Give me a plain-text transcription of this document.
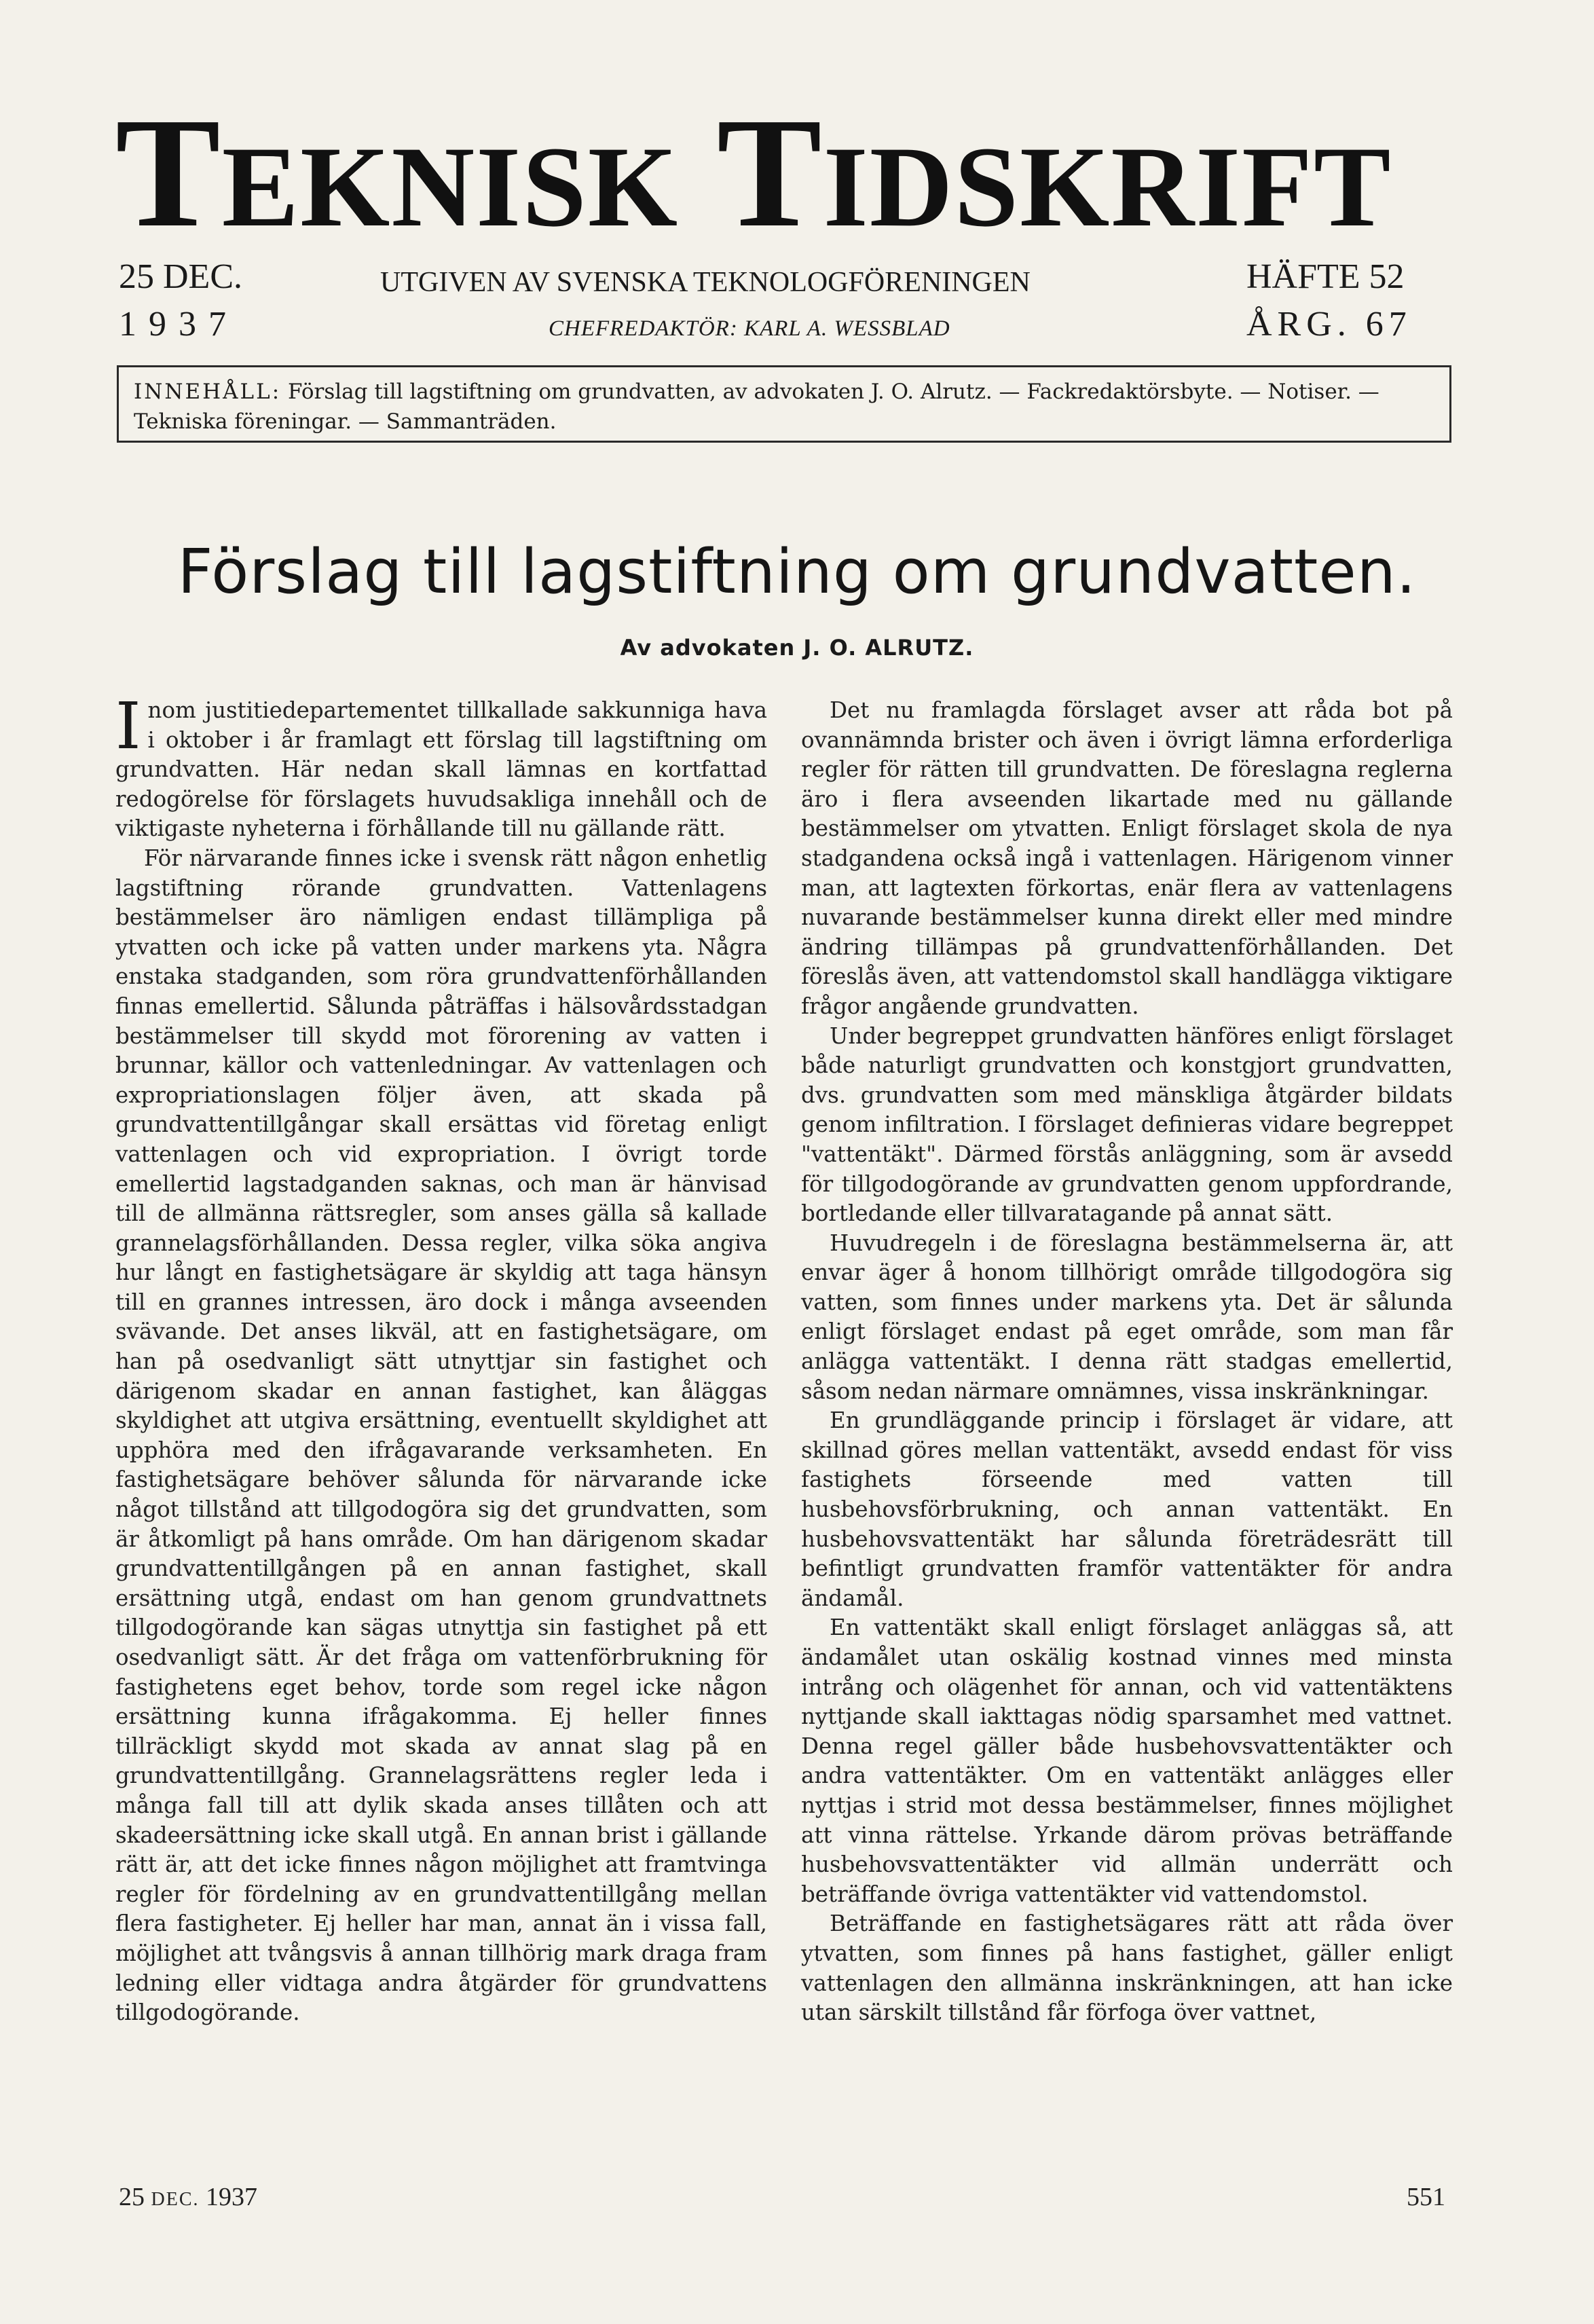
TEKNISK TIDSKRIFT
25 DEC.
1937
UTGIVEN AV SVENSKA TEKNOLOGFÖRENINGEN
CHEFREDAKTÖR: KARL A. WESSBLAD
HÄFTE 52
ÅRG. 67
INNEHÅLL: Förslag till lagstiftning om grundvatten, av advokaten J. O. Alrutz. — Fackredaktörsbyte. — Notiser. — Tekniska föreningar. — Sammanträden.
Förslag till lagstiftning om grundvatten.
Av advokaten J. O. ALRUTZ.

Inom justitiedepartementet tillkallade sakkunniga hava i oktober i år framlagt ett förslag till lagstiftning om grundvatten. Här nedan skall lämnas en kortfattad redogörelse för förslagets huvudsakliga innehåll och de viktigaste nyheterna i förhållande till nu gällande rätt.

För närvarande finnes icke i svensk rätt någon enhetlig lagstiftning rörande grundvatten. Vattenlagens bestämmelser äro nämligen endast tillämpliga på ytvatten och icke på vatten under markens yta. Några enstaka stadganden, som röra grundvattenförhållanden finnas emellertid. Sålunda påträffas i hälsovårdsstadgan bestämmelser till skydd mot förorening av vatten i brunnar, källor och vattenledningar. Av vattenlagen och expropriationslagen följer även, att skada på grundvattentillgångar skall ersättas vid företag enligt vattenlagen och vid expropriation. I övrigt torde emellertid lagstadganden saknas, och man är hänvisad till de allmänna rättsregler, som anses gälla så kallade grannelagsförhållanden. Dessa regler, vilka söka angiva hur långt en fastighetsägare är skyldig att taga hänsyn till en grannes intressen, äro dock i många avseenden svävande. Det anses likväl, att en fastighetsägare, om han på osedvanligt sätt utnyttjar sin fastighet och därigenom skadar en annan fastighet, kan åläggas skyldighet att utgiva ersättning, eventuellt skyldighet att upphöra med den ifrågavarande verksamheten. En fastighetsägare behöver sålunda för närvarande icke något tillstånd att tillgodogöra sig det grundvatten, som är åtkomligt på hans område. Om han därigenom skadar grundvattentillgången på en annan fastighet, skall ersättning utgå, endast om han genom grundvattnets tillgodogörande kan sägas utnyttja sin fastighet på ett osedvanligt sätt. Är det fråga om vattenförbrukning för fastighetens eget behov, torde som regel icke någon ersättning kunna ifrågakomma. Ej heller finnes tillräckligt skydd mot skada av annat slag på en grundvattentillgång. Grannelagsrättens regler leda i många fall till att dylik skada anses tillåten och att skadeersättning icke skall utgå. En annan brist i gällande rätt är, att det icke finnes någon möjlighet att framtvinga regler för fördelning av en grundvattentillgång mellan flera fastigheter. Ej heller har man, annat än i vissa fall, möjlighet att tvångsvis å annan tillhörig mark draga fram ledning eller vidtaga andra åtgärder för grundvattens tillgodogörande.

Det nu framlagda förslaget avser att råda bot på ovannämnda brister och även i övrigt lämna erforderliga regler för rätten till grundvatten. De föreslagna reglerna äro i flera avseenden likartade med nu gällande bestämmelser om ytvatten. Enligt förslaget skola de nya stadgandena också ingå i vattenlagen. Härigenom vinner man, att lagtexten förkortas, enär flera av vattenlagens nuvarande bestämmelser kunna direkt eller med mindre ändring tillämpas på grundvattenförhållanden. Det föreslås även, att vattendomstol skall handlägga viktigare frågor angående grundvatten.

Under begreppet grundvatten hänföres enligt förslaget både naturligt grundvatten och konstgjort grundvatten, dvs. grundvatten som med mänskliga åtgärder bildats genom infiltration. I förslaget definieras vidare begreppet "vattentäkt". Därmed förstås anläggning, som är avsedd för tillgodogörande av grundvatten genom uppfordrande, bortledande eller tillvaratagande på annat sätt.

Huvudregeln i de föreslagna bestämmelserna är, att envar äger å honom tillhörigt område tillgodogöra sig vatten, som finnes under markens yta. Det är sålunda enligt förslaget endast på eget område, som man får anlägga vattentäkt. I denna rätt stadgas emellertid, såsom nedan närmare omnämnes, vissa inskränkningar.

En grundläggande princip i förslaget är vidare, att skillnad göres mellan vattentäkt, avsedd endast för viss fastighets förseende med vatten till husbehovsförbrukning, och annan vattentäkt. En husbehovsvattentäkt har sålunda företrädesrätt till befintligt grundvatten framför vattentäkter för andra ändamål.

En vattentäkt skall enligt förslaget anläggas så, att ändamålet utan oskälig kostnad vinnes med minsta intrång och olägenhet för annan, och vid vattentäktens nyttjande skall iakttagas nödig sparsamhet med vattnet. Denna regel gäller både husbehovsvattentäkter och andra vattentäkter. Om en vattentäkt anlägges eller nyttjas i strid mot dessa bestämmelser, finnes möjlighet att vinna rättelse. Yrkande därom prövas beträffande husbehovsvattentäkter vid allmän underrätt och beträffande övriga vattentäkter vid vattendomstol.

Beträffande en fastighetsägares rätt att råda över ytvatten, som finnes på hans fastighet, gäller enligt vattenlagen den allmänna inskränkningen, att han icke utan särskilt tillstånd får förfoga över vattnet,

25 DEC. 1937	551
